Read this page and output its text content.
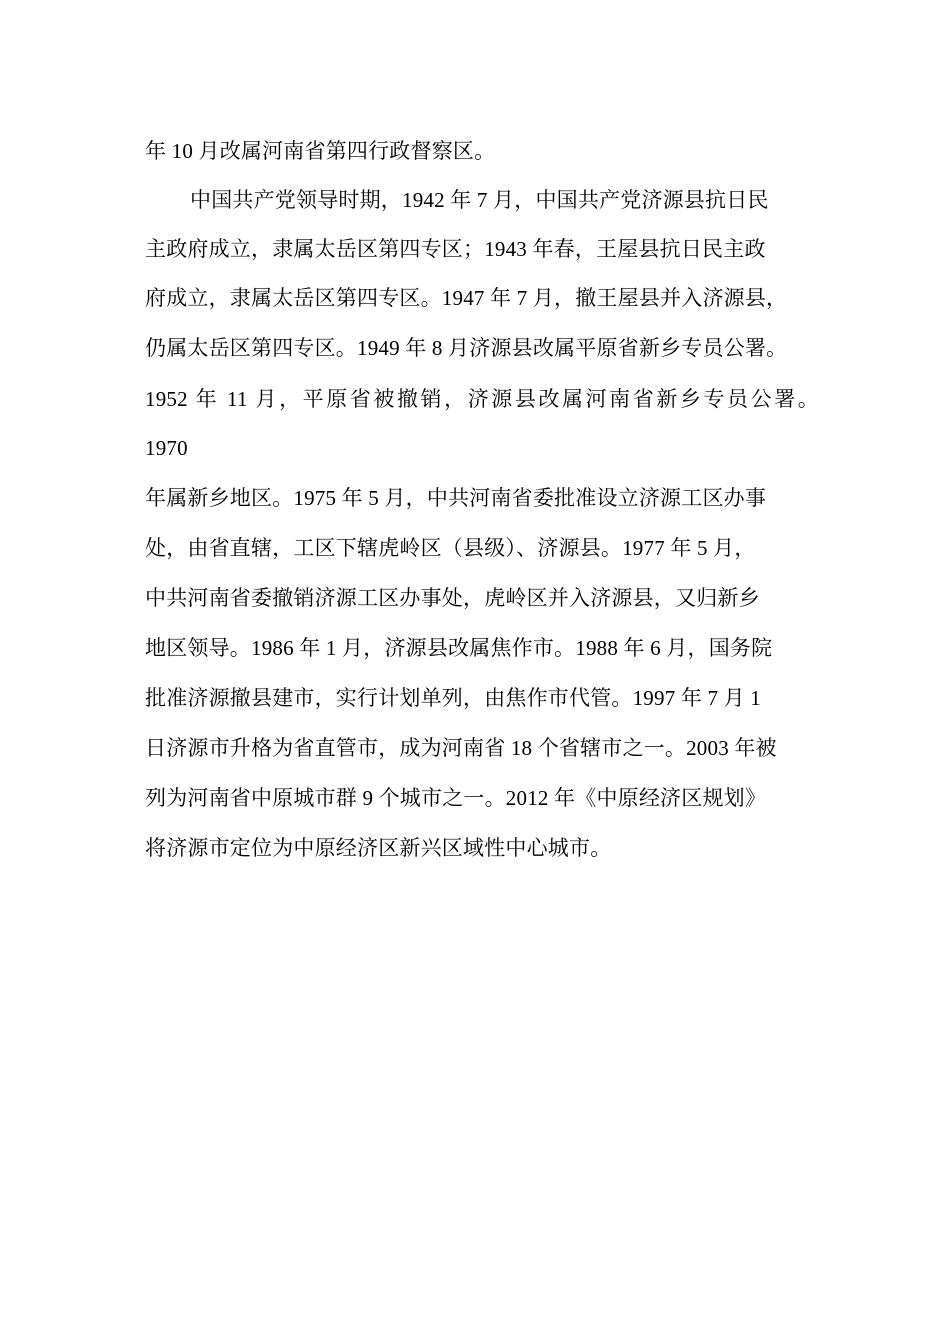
年 10 月改属河南省第四行政督察区。
中国共产党领导时期，1942 年 7 月，中国共产党济源县抗日民
主政府成立，隶属太岳区第四专区；1943 年春，王屋县抗日民主政
府成立，隶属太岳区第四专区。1947 年 7 月，撤王屋县并入济源县，
仍属太岳区第四专区。1949 年 8 月济源县改属平原省新乡专员公署。
1952 年 11 月，平原省被撤销，济源县改属河南省新乡专员公署。
1970
年属新乡地区。1975 年 5 月，中共河南省委批准设立济源工区办事
处，由省直辖，工区下辖虎岭区（县级）、济源县。1977 年 5 月，
中共河南省委撤销济源工区办事处，虎岭区并入济源县，又归新乡
地区领导。1986 年 1 月，济源县改属焦作市。1988 年 6 月，国务院
批准济源撤县建市，实行计划单列，由焦作市代管。1997 年 7 月 1
日济源市升格为省直管市，成为河南省 18 个省辖市之一。2003 年被
列为河南省中原城市群 9 个城市之一。2012 年《中原经济区规划》
将济源市定位为中原经济区新兴区域性中心城市。
